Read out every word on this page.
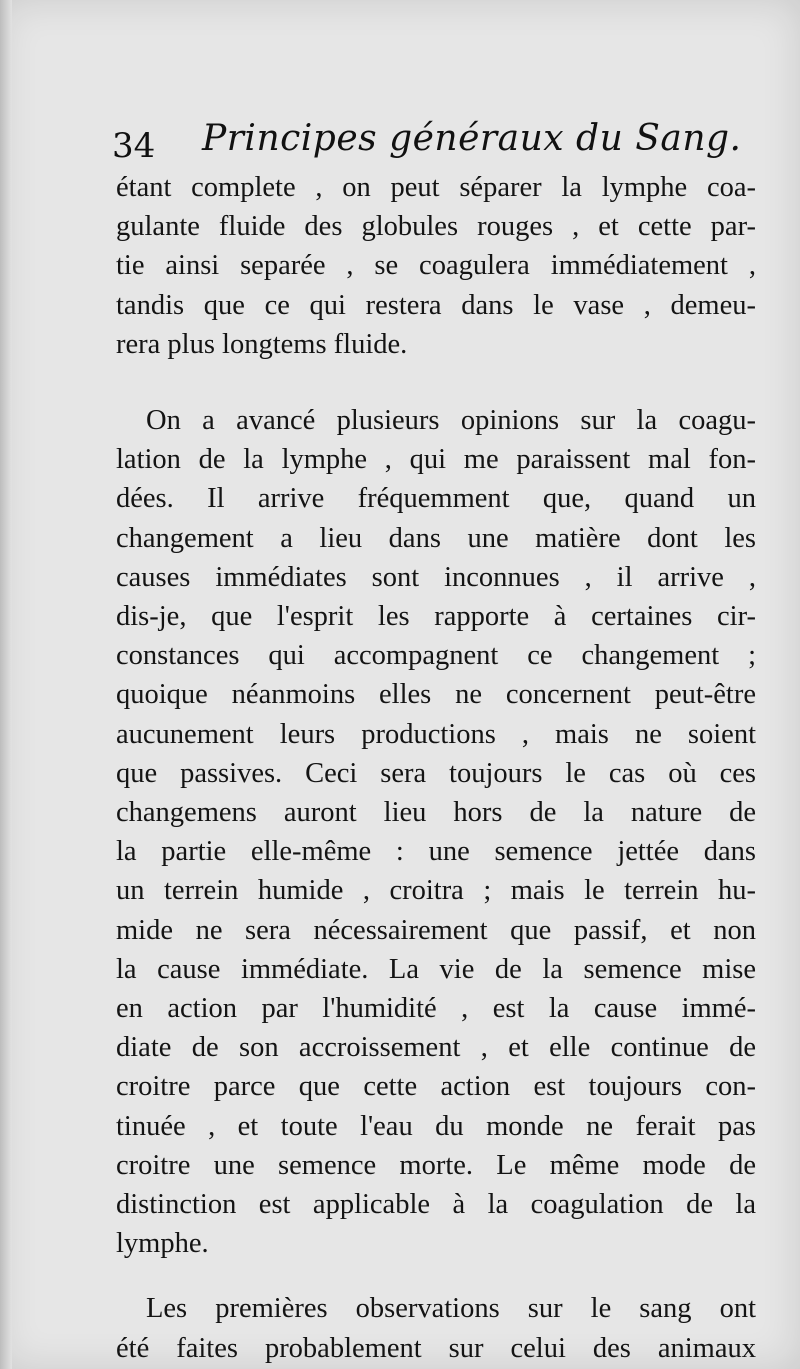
34 Principes généraux du Sang.
étant complete , on peut séparer la lymphe coa-
gulante fluide des globules rouges , et cette par-
tie ainsi separée , se coagulera immédiatement ,
tandis que ce qui restera dans le vase , demeu-
rera plus longtems fluide.
On a avancé plusieurs opinions sur la coagu-
lation de la lymphe , qui me paraissent mal fon-
dées. Il arrive fréquemment que, quand un
changement a lieu dans une matière dont les
causes immédiates sont inconnues , il arrive ,
dis-je, que l'esprit les rapporte à certaines cir-
constances qui accompagnent ce changement ;
quoique néanmoins elles ne concernent peut-être
aucunement leurs productions , mais ne soient
que passives. Ceci sera toujours le cas où ces
changemens auront lieu hors de la nature de
la partie elle-même : une semence jettée dans
un terrein humide , croitra ; mais le terrein hu-
mide ne sera nécessairement que passif, et non
la cause immédiate. La vie de la semence mise
en action par l'humidité , est la cause immé-
diate de son accroissement , et elle continue de
croitre parce que cette action est toujours con-
tinuée , et toute l'eau du monde ne ferait pas
croitre une semence morte. Le même mode de
distinction est applicable à la coagulation de la
lymphe.
Les premières observations sur le sang ont
été faites probablement sur celui des animaux
